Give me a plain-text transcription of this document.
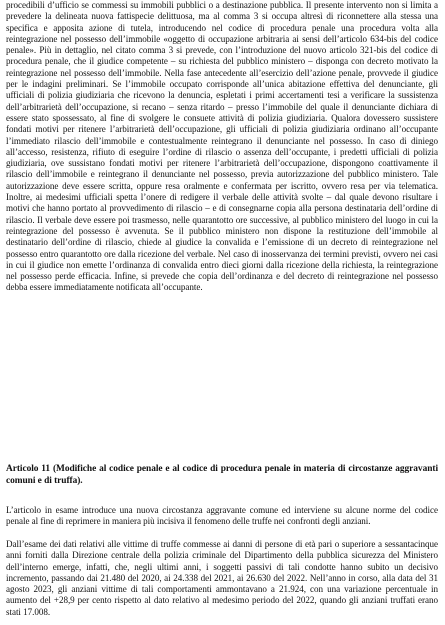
procedibili d’ufficio se commessi su immobili pubblici o a destinazione pubblica. Il presente intervento non si limita a prevedere la delineata nuova fattispecie delittuosa, ma al comma 3 si occupa altresì di riconnettere alla stessa una specifica e apposita azione di tutela, introducendo nel codice di procedura penale una procedura volta alla reintegrazione nel possesso dell’immobile «oggetto di occupazione arbitraria ai sensi dell’articolo 634-bis del codice penale». Più in dettaglio, nel citato comma 3 si prevede, con l’introduzione del nuovo articolo 321-bis del codice di procedura penale, che il giudice competente – su richiesta del pubblico ministero – disponga con decreto motivato la reintegrazione nel possesso dell’immobile. Nella fase antecedente all’esercizio dell’azione penale, provvede il giudice per le indagini preliminari. Se l’immobile occupato corrisponde all’unica abitazione effettiva del denunciante, gli ufficiali di polizia giudiziaria che ricevono la denuncia, espletati i primi accertamenti tesi a verificare la sussistenza dell’arbitrarietà dell’occupazione, si recano – senza ritardo – presso l’immobile del quale il denunciante dichiara di essere stato spossessato, al fine di svolgere le consuete attività di polizia giudiziaria. Qualora dovessero sussistere fondati motivi per ritenere l’arbitrarietà dell’occupazione, gli ufficiali di polizia giudiziaria ordinano all’occupante l’immediato rilascio dell’immobile e contestualmente reintegrano il denunciante nel possesso. In caso di diniego all’accesso, resistenza, rifiuto di eseguire l’ordine di rilascio o assenza dell’occupante, i predetti ufficiali di polizia giudiziaria, ove sussistano fondati motivi per ritenere l’arbitrarietà dell’occupazione, dispongono coattivamente il rilascio dell’immobile e reintegrano il denunciante nel possesso, previa autorizzazione del pubblico ministero. Tale autorizzazione deve essere scritta, oppure resa oralmente e confermata per iscritto, ovvero resa per via telematica. Inoltre, ai medesimi ufficiali spetta l’onere di redigere il verbale delle attività svolte – dal quale devono risultare i motivi che hanno portato al provvedimento di rilascio – e di consegnarne copia alla persona destinataria dell’ordine di rilascio. Il verbale deve essere poi trasmesso, nelle quarantotto ore successive, al pubblico ministero del luogo in cui la reintegrazione del possesso è avvenuta. Se il pubblico ministero non dispone la restituzione dell’immobile al destinatario dell’ordine di rilascio, chiede al giudice la convalida e l’emissione di un decreto di reintegrazione nel possesso entro quarantotto ore dalla ricezione del verbale. Nel caso di inosservanza dei termini previsti, ovvero nei casi in cui il giudice non emette l’ordinanza di convalida entro dieci giorni dalla ricezione della richiesta, la reintegrazione nel possesso perde efficacia. Infine, si prevede che copia dell’ordinanza e del decreto di reintegrazione nel possesso debba essere immediatamente notificata all’occupante.

Articolo 11 (Modifiche al codice penale e al codice di procedura penale in materia di circostanze aggravanti comuni e di truffa).

L’articolo in esame introduce una nuova circostanza aggravante comune ed interviene su alcune norme del codice penale al fine di reprimere in maniera più incisiva il fenomeno delle truffe nei confronti degli anziani.

Dall’esame dei dati relativi alle vittime di truffe commesse ai danni di persone di età pari o superiore a sessantacinque anni forniti dalla Direzione centrale della polizia criminale del Dipartimento della pubblica sicurezza del Ministero dell’interno emerge, infatti, che, negli ultimi anni, i soggetti passivi di tali condotte hanno subito un decisivo incremento, passando dai 21.480 del 2020, ai 24.338 del 2021, ai 26.630 del 2022. Nell’anno in corso, alla data del 31 agosto 2023, gli anziani vittime di tali comportamenti ammontavano a 21.924, con una variazione percentuale in aumento del +28,9 per cento rispetto al dato relativo al medesimo periodo del 2022, quando gli anziani truffati erano stati 17.008.
